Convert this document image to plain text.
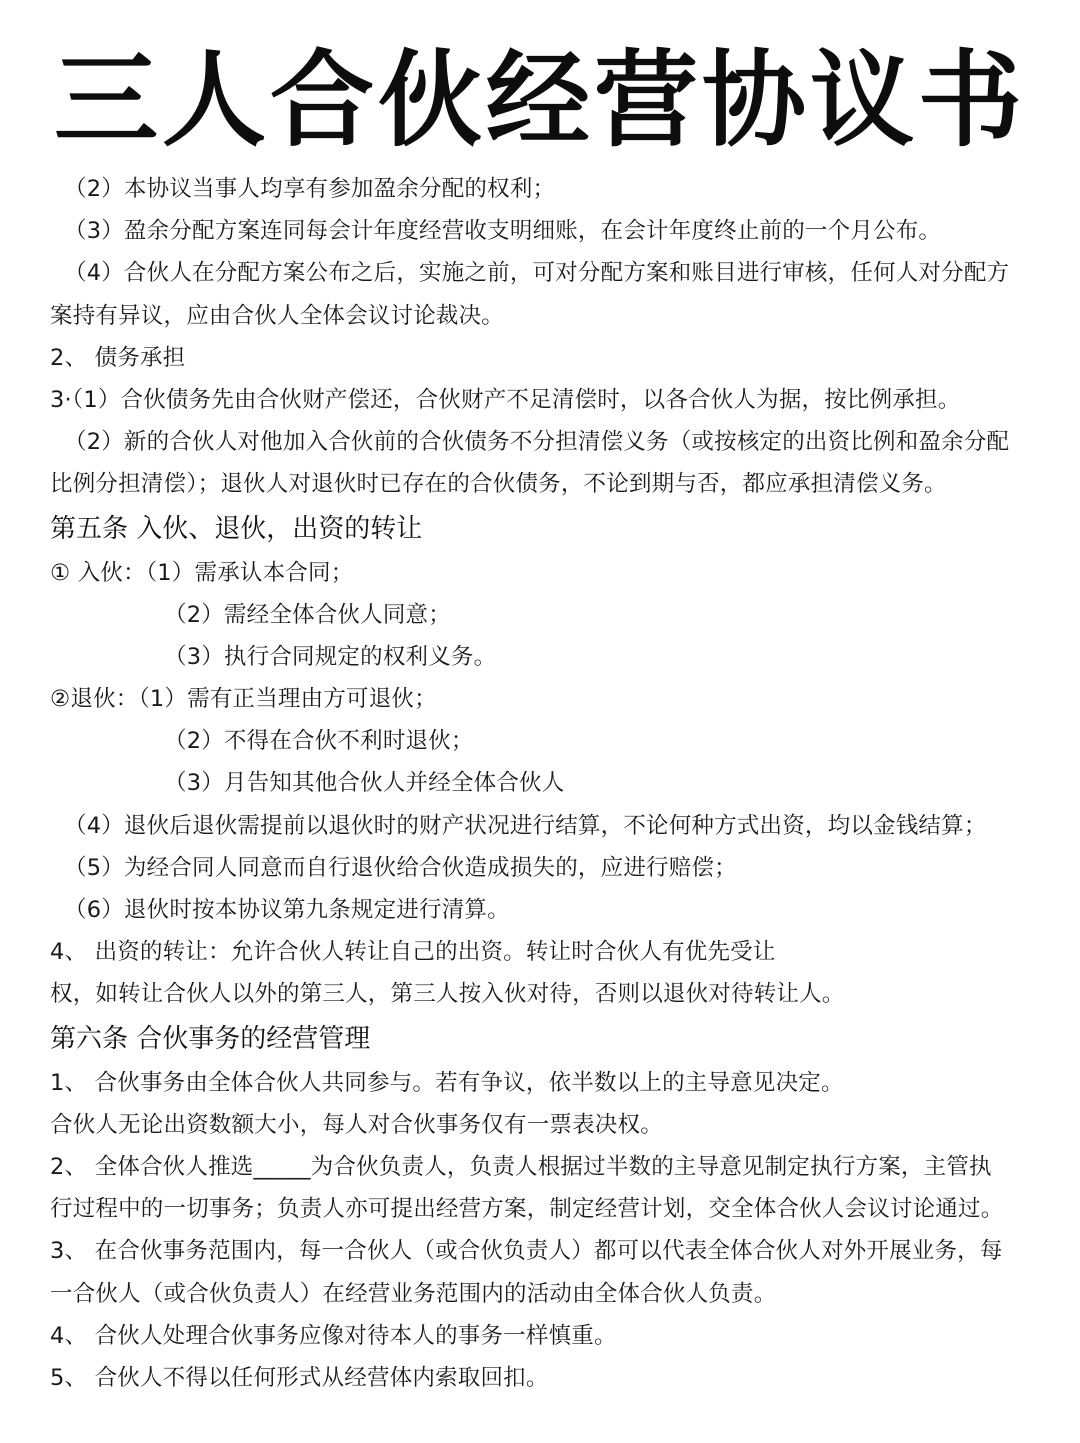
三人合伙经营协议书
（2）本协议当事人均享有参加盈余分配的权利；
（3）盈余分配方案连同每会计年度经营收支明细账，在会计年度终止前的一个月公布。
（4）合伙人在分配方案公布之后，实施之前，可对分配方案和账目进行审核，任何人对分配方
案持有异议，应由合伙人全体会议讨论裁决。
2、 债务承担
3·（1）合伙债务先由合伙财产偿还，合伙财产不足清偿时，以各合伙人为据，按比例承担。
（2）新的合伙人对他加入合伙前的合伙债务不分担清偿义务（或按核定的出资比例和盈余分配
比例分担清偿）；退伙人对退伙时已存在的合伙债务，不论到期与否，都应承担清偿义务。
第五条 入伙、退伙，出资的转让
① 入伙：（1）需承认本合同；
（2）需经全体合伙人同意；
（3）执行合同规定的权利义务。
②退伙：（1）需有正当理由方可退伙；
（2）不得在合伙不利时退伙；
（3）月告知其他合伙人并经全体合伙人
（4）退伙后退伙需提前以退伙时的财产状况进行结算，不论何种方式出资，均以金钱结算；
（5）为经合同人同意而自行退伙给合伙造成损失的，应进行赔偿；
（6）退伙时按本协议第九条规定进行清算。
4、 出资的转让：允许合伙人转让自己的出资。转让时合伙人有优先受让
权，如转让合伙人以外的第三人，第三人按入伙对待，否则以退伙对待转让人。
第六条 合伙事务的经营管理
1、 合伙事务由全体合伙人共同参与。若有争议，依半数以上的主导意见决定。
合伙人无论出资数额大小，每人对合伙事务仅有一票表决权。
2、 全体合伙人推选_____为合伙负责人，负责人根据过半数的主导意见制定执行方案，主管执
行过程中的一切事务；负责人亦可提出经营方案，制定经营计划，交全体合伙人会议讨论通过。
3、 在合伙事务范围内，每一合伙人（或合伙负责人）都可以代表全体合伙人对外开展业务，每
一合伙人（或合伙负责人）在经营业务范围内的活动由全体合伙人负责。
4、 合伙人处理合伙事务应像对待本人的事务一样慎重。
5、 合伙人不得以任何形式从经营体内索取回扣。
